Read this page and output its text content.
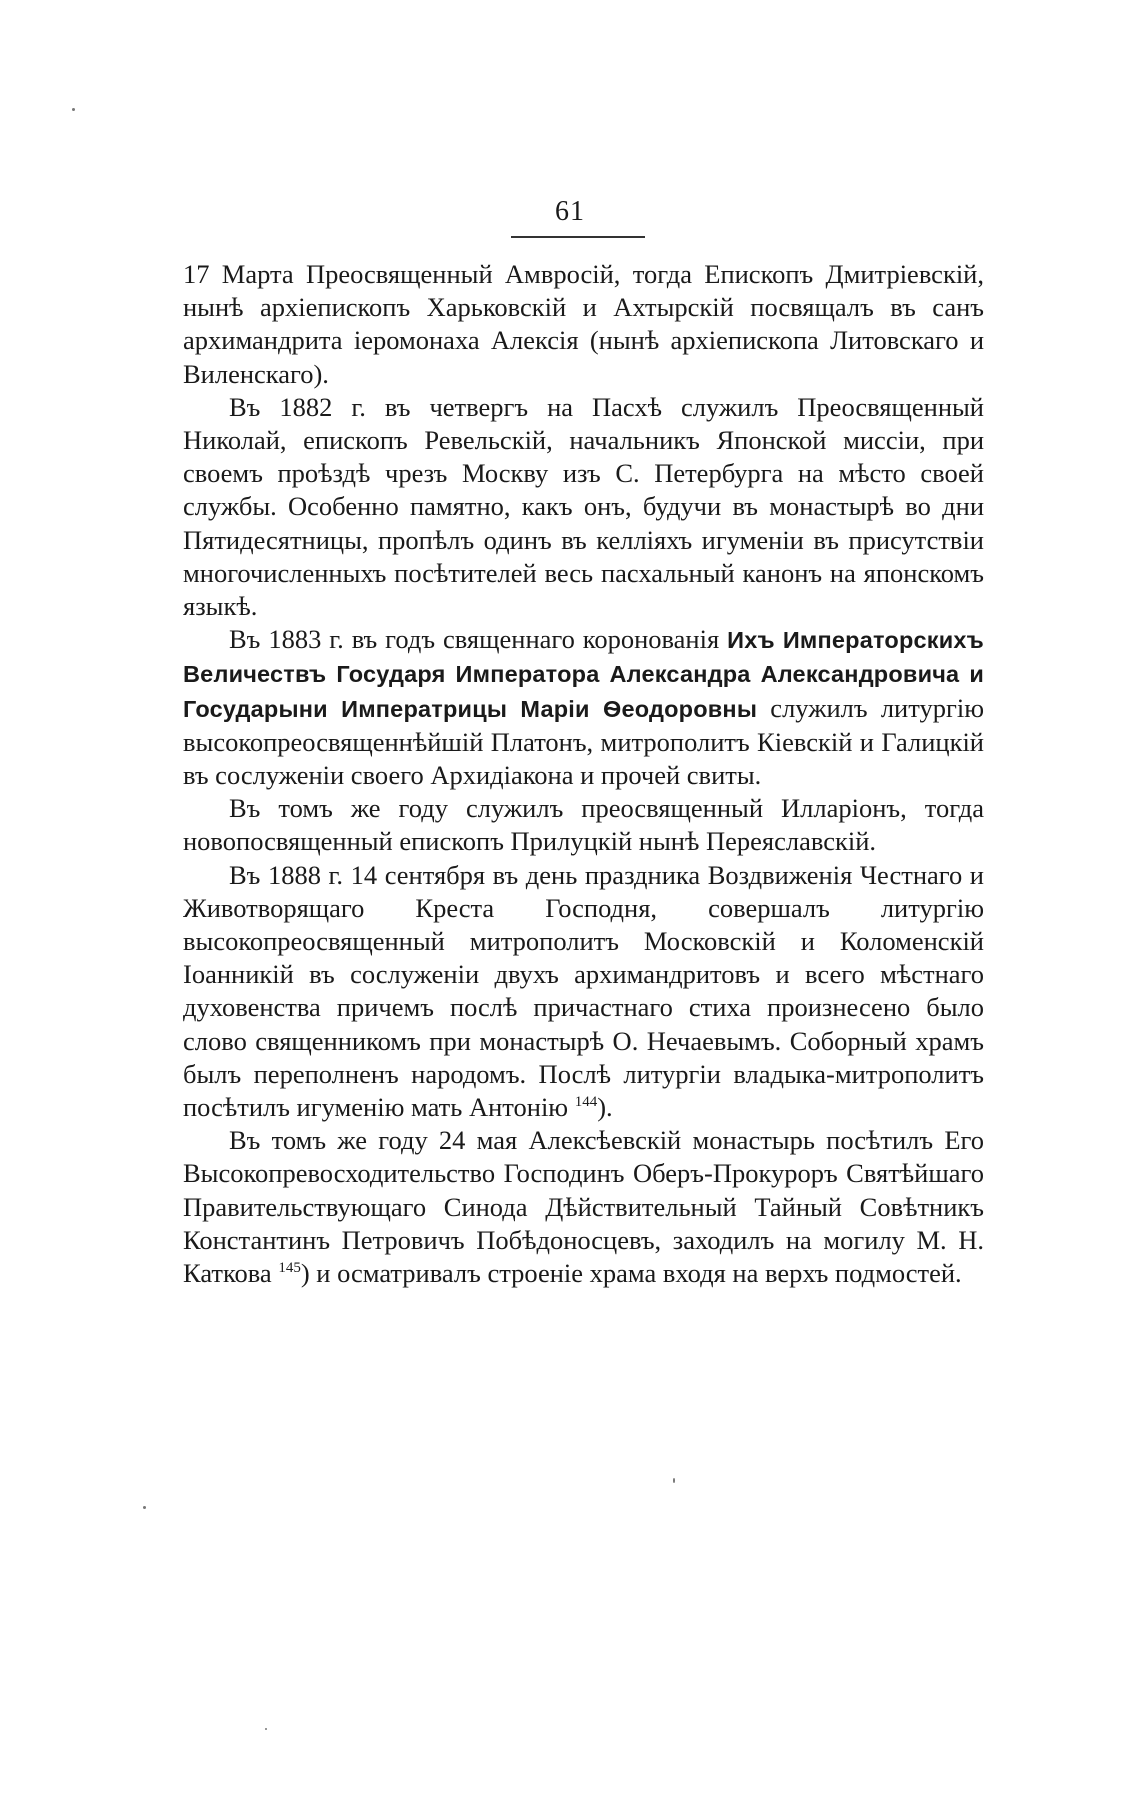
61

17 Марта Преосвященный Амвросій, тогда Епископъ Дмитріевскій, нынѣ архіепископъ Харьковскій и Ахтырскій посвящалъ въ санъ архимандрита іеромонаха Алексія (нынѣ архіепископа Литовскаго и Виленскаго).

Въ 1882 г. въ четвергъ на Пасхѣ служилъ Преосвященный Николай, епископъ Ревельскій, начальникъ Японской миссіи, при своемъ проѣздѣ чрезъ Москву изъ С. Петербурга на мѣсто своей службы. Особенно памятно, какъ онъ, будучи въ монастырѣ во дни Пятидесятницы, пропѣлъ одинъ въ келліяхъ игуменіи въ присутствіи многочисленныхъ посѣтителей весь пасхальный канонъ на японскомъ языкѣ.

Въ 1883 г. въ годъ священнаго коронованія Ихъ Императорскихъ Величествъ Государя Императора Александра Александровича и Государыни Императрицы Маріи Ѳеодоровны служилъ литургію высокопреосвященнѣйшій Платонъ, митрополитъ Кіевскій и Галицкій въ сослуженіи своего Архидіакона и прочей свиты.

Въ томъ же году служилъ преосвященный Илларіонъ, тогда новопосвященный епископъ Прилуцкій нынѣ Переяславскій.

Въ 1888 г. 14 сентября въ день праздника Воздвиженія Честнаго и Животворящаго Креста Господня, совершалъ литургію высокопреосвященный митрополитъ Московскій и Коломенскій Іоанникій въ сослуженіи двухъ архимандритовъ и всего мѣстнаго духовенства причемъ послѣ причастнаго стиха произнесено было слово священникомъ при монастырѣ О. Нечаевымъ. Соборный храмъ былъ переполненъ народомъ. Послѣ литургіи владыка-митрополитъ посѣтилъ игуменію мать Антонію $^{144}$).

Въ томъ же году 24 мая Алексѣевскій монастырь посѣтилъ Его Высокопревосходительство Господинъ Оберъ-Прокуроръ Святѣйшаго Правительствующаго Синода Дѣйствительный Тайный Совѣтникъ Константинъ Петровичъ Побѣдоносцевъ, заходилъ на могилу М. Н. Каткова $^{145}$) и осматривалъ строеніе храма входя на верхъ подмостей.
